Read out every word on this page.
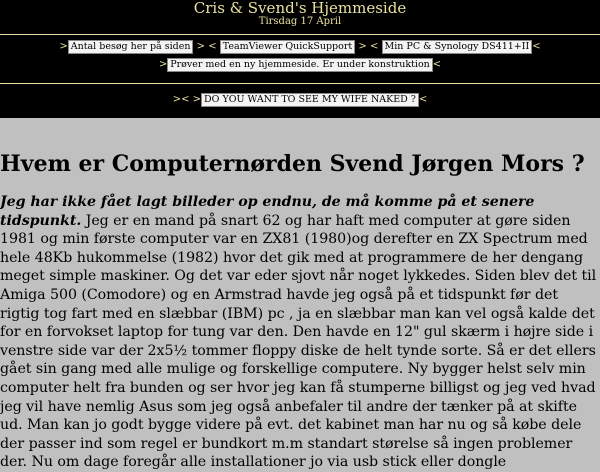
Cris & Svend's Hjemmeside
Tirsdag 17 April
> Antal besøg her på siden > < TeamViewer QuickSupport > < Min PC & Synology DS411+II <
> Prøver med en ny hjemmeside. Er under konstruktion <
>< > DO YOU WANT TO SEE MY WIFE NAKED ? <
Hvem er Computernørden Svend Jørgen Mors ?

Jeg har ikke fået lagt billeder op endnu, de må komme på et senere tidspunkt. Jeg er en mand på snart 62 og har haft med computer at gøre siden 1981 og min første computer var en ZX81 (1980)og derefter en ZX Spectrum med hele 48Kb hukommelse (1982) hvor det gik med at programmere de her dengang meget simple maskiner. Og det var eder sjovt når noget lykkedes. Siden blev det til Amiga 500 (Comodore) og en Armstrad havde jeg også på et tidspunkt før det rigtig tog fart med en slæbbar (IBM) pc , ja en slæbbar man kan vel også kalde det for en forvokset laptop for tung var den. Den havde en 12" gul skærm i højre side i venstre side var der 2x5½ tommer floppy diske de helt tynde sorte. Så er det ellers gået sin gang med alle mulige og forskellige computere. Ny bygger helst selv min computer helt fra bunden og ser hvor jeg kan få stumperne billigst og jeg ved hvad jeg vil have nemlig Asus som jeg også anbefaler til andre der tænker på at skifte ud. Man kan jo godt bygge videre på evt. det kabinet man har nu og så købe dele der passer ind som regel er bundkort m.m standart størelse så ingen problemer der. Nu om dage foregår alle installationer jo via usb stick eller dongle
